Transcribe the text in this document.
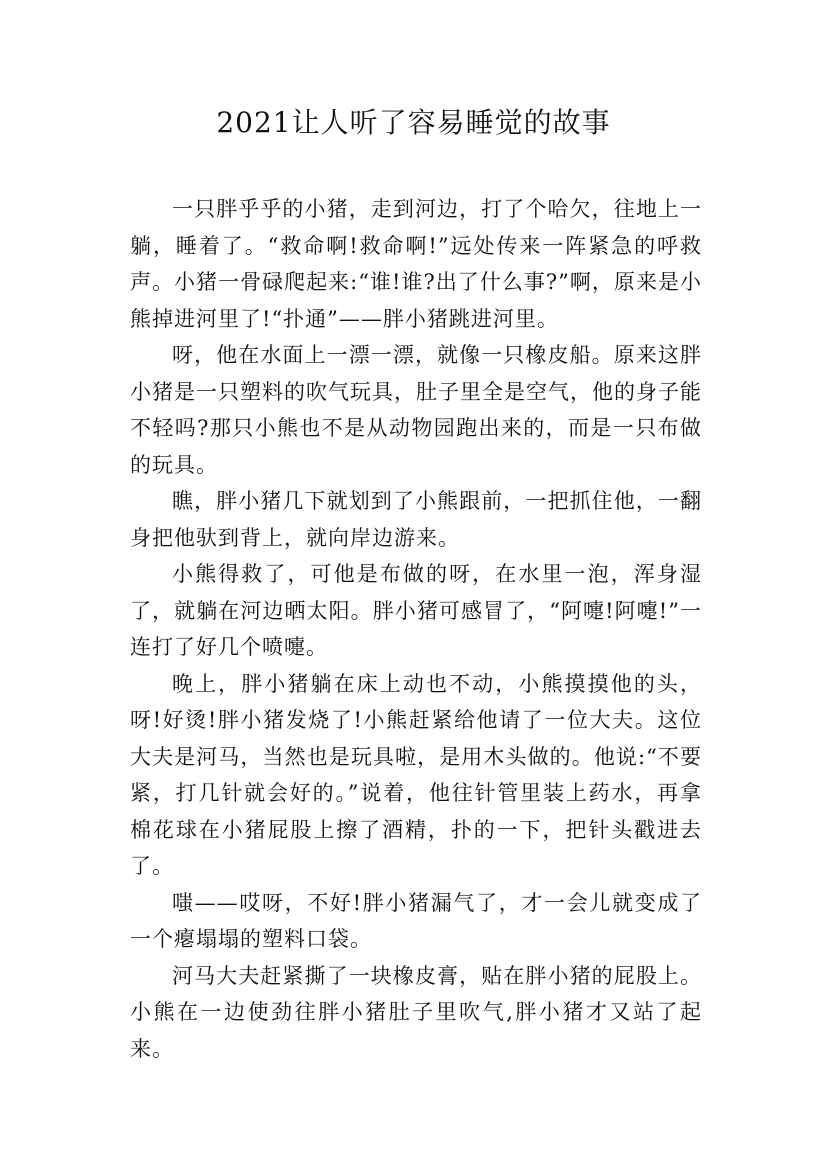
2021让人听了容易睡觉的故事

一只胖乎乎的小猪，走到河边，打了个哈欠，往地上一躺，睡着了。“救命啊!救命啊!”远处传来一阵紧急的呼救声。小猪一骨碌爬起来:“谁!谁?出了什么事?”啊，原来是小熊掉进河里了!“扑通”——胖小猪跳进河里。

呀，他在水面上一漂一漂，就像一只橡皮船。原来这胖小猪是一只塑料的吹气玩具，肚子里全是空气，他的身子能不轻吗?那只小熊也不是从动物园跑出来的，而是一只布做的玩具。

瞧，胖小猪几下就划到了小熊跟前，一把抓住他，一翻身把他驮到背上，就向岸边游来。

小熊得救了，可他是布做的呀，在水里一泡，浑身湿了，就躺在河边晒太阳。胖小猪可感冒了，“阿嚏!阿嚏!”一连打了好几个喷嚏。

晚上，胖小猪躺在床上动也不动，小熊摸摸他的头，呀!好烫!胖小猪发烧了!小熊赶紧给他请了一位大夫。这位大夫是河马，当然也是玩具啦，是用木头做的。他说:“不要紧，打几针就会好的。”说着，他往针管里装上药水，再拿棉花球在小猪屁股上擦了酒精，扑的一下，把针头戳进去了。

嗤——哎呀，不好!胖小猪漏气了，才一会儿就变成了一个瘪塌塌的塑料口袋。

河马大夫赶紧撕了一块橡皮膏，贴在胖小猪的屁股上。小熊在一边使劲往胖小猪肚子里吹气,胖小猪才又站了起来。
